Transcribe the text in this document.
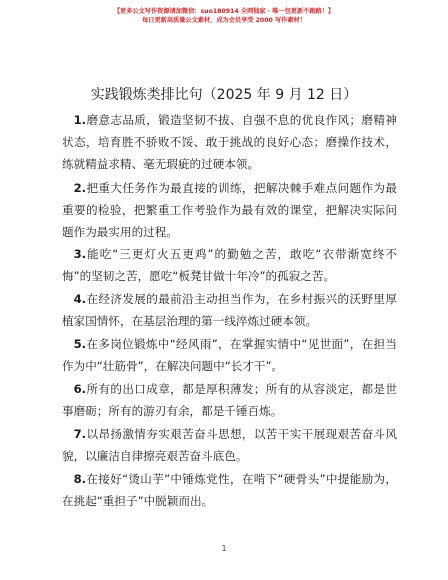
【更多公文写作资源请加微信：suo180914 全网独家 · 唯一包更新不跑路！】
每日更新高质量公文素材，成为会员享受 2000 写作素材！
实践锻炼类排比句（2025 年 9 月 12 日）
1.磨意志品质，锻造坚韧不拔、自强不息的优良作风；磨精神状态，培育胜不骄败不馁、敢于挑战的良好心态；磨操作技术，练就精益求精、毫无瑕疵的过硬本领。
2.把重大任务作为最直接的训练，把解决棘手难点问题作为最重要的检验，把繁重工作考验作为最有效的课堂，把解决实际问题作为最实用的过程。
3.能吃“三更灯火五更鸡”的勤勉之苦，敢吃“衣带渐宽终不悔”的坚韧之苦，愿吃“板凳甘做十年冷”的孤寂之苦。
4.在经济发展的最前沿主动担当作为，在乡村振兴的沃野里厚植家国情怀，在基层治理的第一线淬炼过硬本领。
5.在多岗位锻炼中“经风雨”，在掌握实情中“见世面”，在担当作为中“壮筋骨”，在解决问题中“长才干”。
6.所有的出口成章，都是厚积薄发；所有的从容淡定，都是世事磨砺；所有的游刃有余，都是千锤百炼。
7.以昂扬激情夯实艰苦奋斗思想，以苦干实干展现艰苦奋斗风貌，以廉洁自律擦亮艰苦奋斗底色。
8.在接好“烫山芋”中锤炼党性，在啃下“硬骨头”中提能励为，在挑起“重担子”中脱颖而出。
1
